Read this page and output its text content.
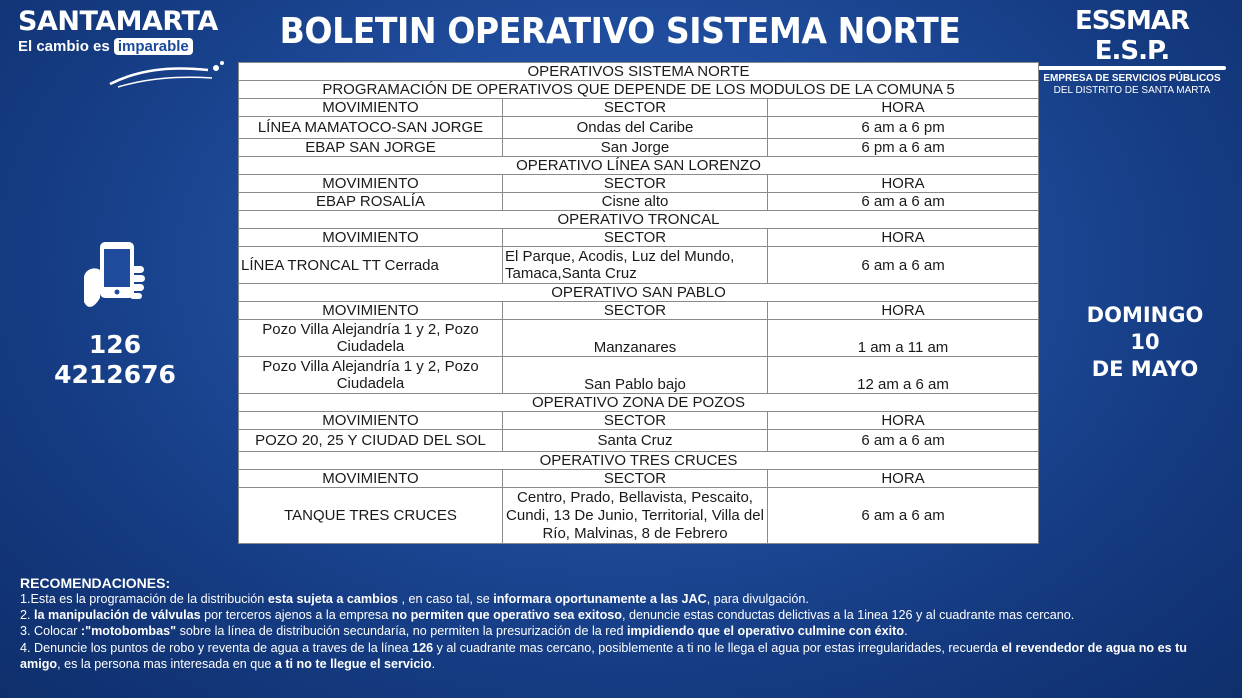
SANTAMARTA
El cambio es imparable	BOLETIN OPERATIVO SISTEMA NORTE	ESSMAR E.S.P.
EMPRESA DE SERVICIOS PÚBLICOS
DEL DISTRITO DE SANTA MARTA
126
4212676
DOMINGO
10
DE MAYO
OPERATIVOS SISTEMA NORTE		
PROGRAMACIÓN DE OPERATIVOS QUE DEPENDE DE LOS MODULOS DE LA COMUNA 5		
MOVIMIENTO	SECTOR	HORA
LÍNEA MAMATOCO-SAN JORGE	Ondas del Caribe	6 am a 6 pm
EBAP SAN JORGE	San Jorge	6 pm a 6 am
OPERATIVO LÍNEA SAN LORENZO		
MOVIMIENTO	SECTOR	HORA
EBAP ROSALÍA	Cisne alto	6 am a 6 am
OPERATIVO TRONCAL		
MOVIMIENTO	SECTOR	HORA
LÍNEA TRONCAL TT Cerrada	El Parque, Acodis, Luz del Mundo, Tamaca,Santa Cruz	6 am a 6 am
OPERATIVO SAN PABLO		
MOVIMIENTO	SECTOR	HORA
Pozo Villa Alejandría 1 y 2, Pozo Ciudadela	Manzanares	1 am a 11 am
Pozo Villa Alejandría 1 y 2, Pozo Ciudadela	San Pablo bajo	12 am a 6 am
OPERATIVO ZONA DE POZOS		
MOVIMIENTO	SECTOR	HORA
POZO 20, 25 Y CIUDAD DEL SOL	Santa Cruz	6 am a 6 am
OPERATIVO TRES CRUCES		
MOVIMIENTO	SECTOR	HORA
TANQUE TRES CRUCES	Centro, Prado, Bellavista, Pescaito, Cundi, 13 De Junio, Territorial, Villa del Río, Malvinas, 8 de Febrero	6 am a 6 am
RECOMENDACIONES:

1.Esta es la programación de la distribución esta sujeta a cambios , en caso tal, se informara oportunamente a las JAC, para divulgación.

2. la manipulación de válvulas por terceros ajenos a la empresa no permiten que operativo sea exitoso, denuncie estas conductas delictivas a la 1inea 126 y al cuadrante mas cercano.

3. Colocar :"motobombas" sobre la línea de distribución secundaría, no permiten la presurización de la red impidiendo que el operativo culmine con éxito.

4. Denuncie los puntos de robo y reventa de agua a traves de la línea 126 y al cuadrante mas cercano, posiblemente a ti no le llega el agua por estas irregularidades, recuerda el revendedor de agua no es tu amigo, es la persona mas interesada en que a ti no te llegue el servicio.
